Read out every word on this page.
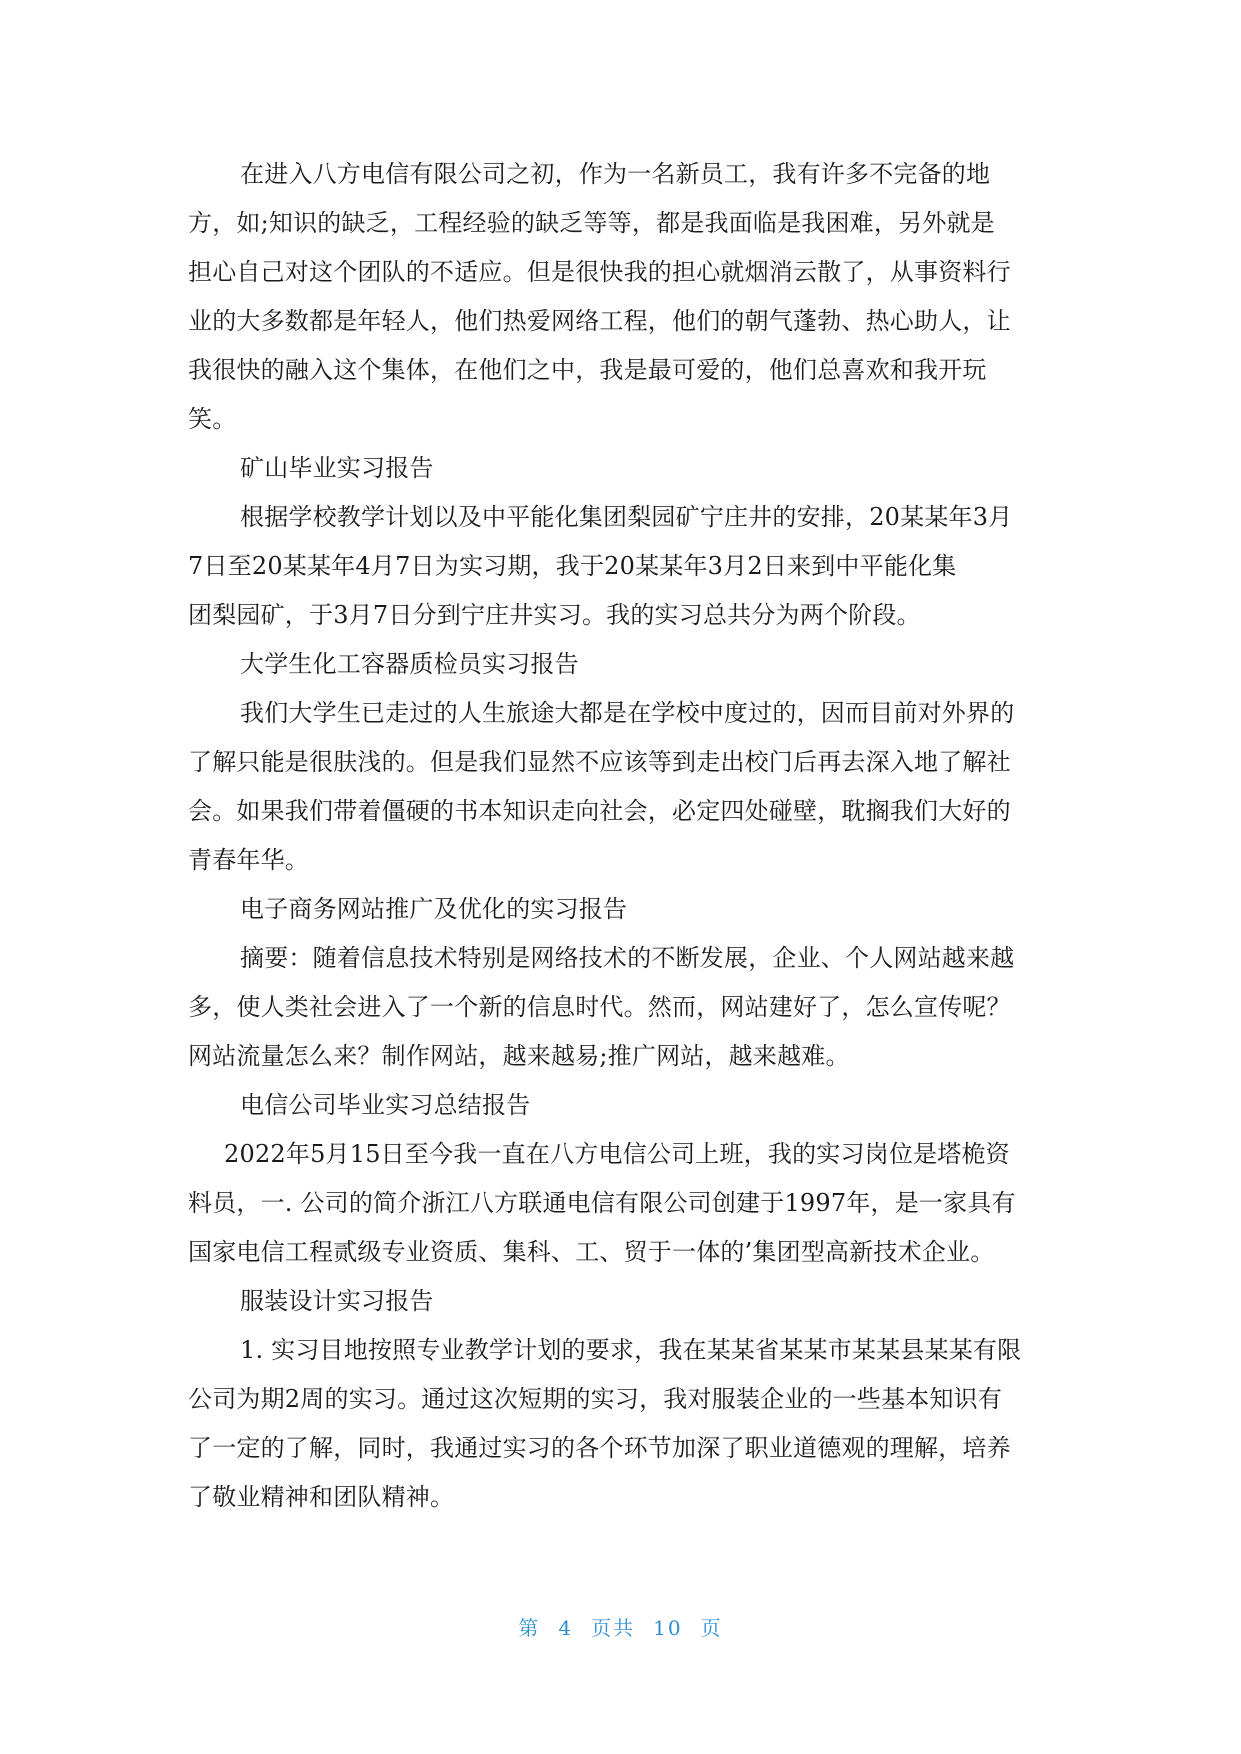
在进入八方电信有限公司之初，作为一名新员工，我有许多不完备的地
方，如;知识的缺乏，工程经验的缺乏等等，都是我面临是我困难，另外就是
担心自己对这个团队的不适应。但是很快我的担心就烟消云散了，从事资料行
业的大多数都是年轻人，他们热爱网络工程，他们的朝气蓬勃、热心助人，让
我很快的融入这个集体，在他们之中，我是最可爱的，他们总喜欢和我开玩
笑。
矿山毕业实习报告
根据学校教学计划以及中平能化集团梨园矿宁庄井的安排，20某某年3月
7日至20某某年4月7日为实习期，我于20某某年3月2日来到中平能化集
团梨园矿，于3月7日分到宁庄井实习。我的实习总共分为两个阶段。
大学生化工容器质检员实习报告
我们大学生已走过的人生旅途大都是在学校中度过的，因而目前对外界的
了解只能是很肤浅的。但是我们显然不应该等到走出校门后再去深入地了解社
会。如果我们带着僵硬的书本知识走向社会，必定四处碰壁，耽搁我们大好的
青春年华。
电子商务网站推广及优化的实习报告
摘要：随着信息技术特别是网络技术的不断发展，企业、个人网站越来越
多，使人类社会进入了一个新的信息时代。然而，网站建好了，怎么宣传呢？
网站流量怎么来？制作网站，越来越易;推广网站，越来越难。
电信公司毕业实习总结报告
2022年5月15日至今我一直在八方电信公司上班，我的实习岗位是塔桅资
料员，一. 公司的简介浙江八方联通电信有限公司创建于1997年，是一家具有
国家电信工程贰级专业资质、集科、工、贸于一体的’集团型高新技术企业。
服装设计实习报告
1. 实习目地按照专业教学计划的要求，我在某某省某某市某某县某某有限
公司为期2周的实习。通过这次短期的实习，我对服装企业的一些基本知识有
了一定的了解，同时，我通过实习的各个环节加深了职业道德观的理解，培养
了敬业精神和团队精神。
第 4 页共 10 页
